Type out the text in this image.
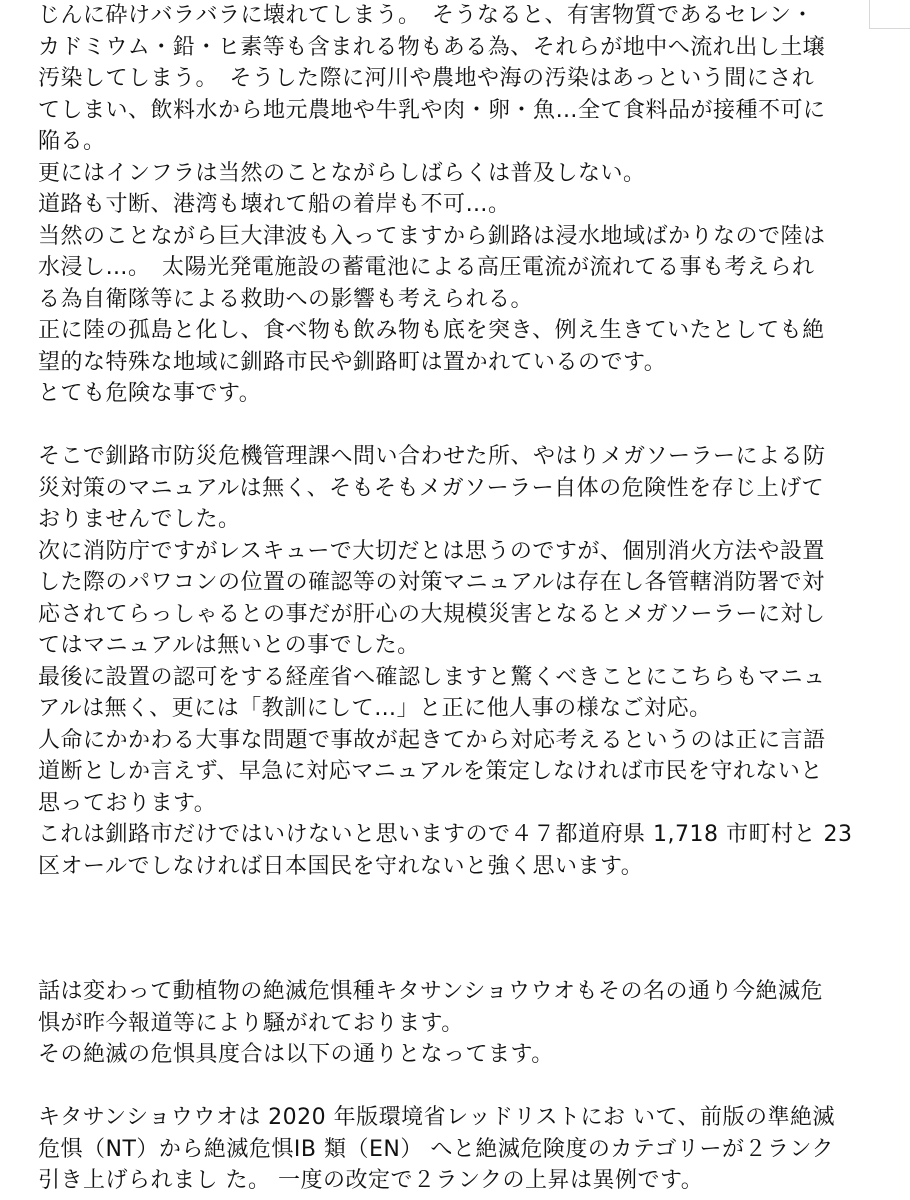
じんに砕けバラバラに壊れてしまう。　そうなると、有害物質であるセレン・
カドミウム・鉛・ヒ素等も含まれる物もある為、それらが地中へ流れ出し土壌
汚染してしまう。　そうした際に河川や農地や海の汚染はあっという間にされ
てしまい、飲料水から地元農地や牛乳や肉・卵・魚…全て食料品が接種不可に
陥る。
更にはインフラは当然のことながらしばらくは普及しない。
道路も寸断、港湾も壊れて船の着岸も不可…。
当然のことながら巨大津波も入ってますから釧路は浸水地域ばかりなので陸は
水浸し…。　太陽光発電施設の蓄電池による高圧電流が流れてる事も考えられ
る為自衛隊等による救助への影響も考えられる。
正に陸の孤島と化し、食べ物も飲み物も底を突き、例え生きていたとしても絶
望的な特殊な地域に釧路市民や釧路町は置かれているのです。
とても危険な事です。
そこで釧路市防災危機管理課へ問い合わせた所、やはりメガソーラーによる防
災対策のマニュアルは無く、そもそもメガソーラー自体の危険性を存じ上げて
おりませんでした。
次に消防庁ですがレスキューで大切だとは思うのですが、個別消火方法や設置
した際のパワコンの位置の確認等の対策マニュアルは存在し各管轄消防署で対
応されてらっしゃるとの事だが肝心の大規模災害となるとメガソーラーに対し
てはマニュアルは無いとの事でした。
最後に設置の認可をする経産省へ確認しますと驚くべきことにこちらもマニュ
アルは無く、更には「教訓にして…」と正に他人事の様なご対応。
人命にかかわる大事な問題で事故が起きてから対応考えるというのは正に言語
道断としか言えず、早急に対応マニュアルを策定しなければ市民を守れないと
思っております。
これは釧路市だけではいけないと思いますので４７都道府県 1,718 市町村と 23
区オールでしなければ日本国民を守れないと強く思います。
話は変わって動植物の絶滅危惧種キタサンショウウオもその名の通り今絶滅危
惧が昨今報道等により騒がれております。
その絶滅の危惧具度合は以下の通りとなってます。
キタサンショウウオは 2020 年版環境省レッドリストにお いて、前版の準絶滅
危惧（NT）から絶滅危惧IB 類（EN） へと絶滅危険度のカテゴリーが２ランク
引き上げられまし た。 一度の改定で２ランクの上昇は異例です。
